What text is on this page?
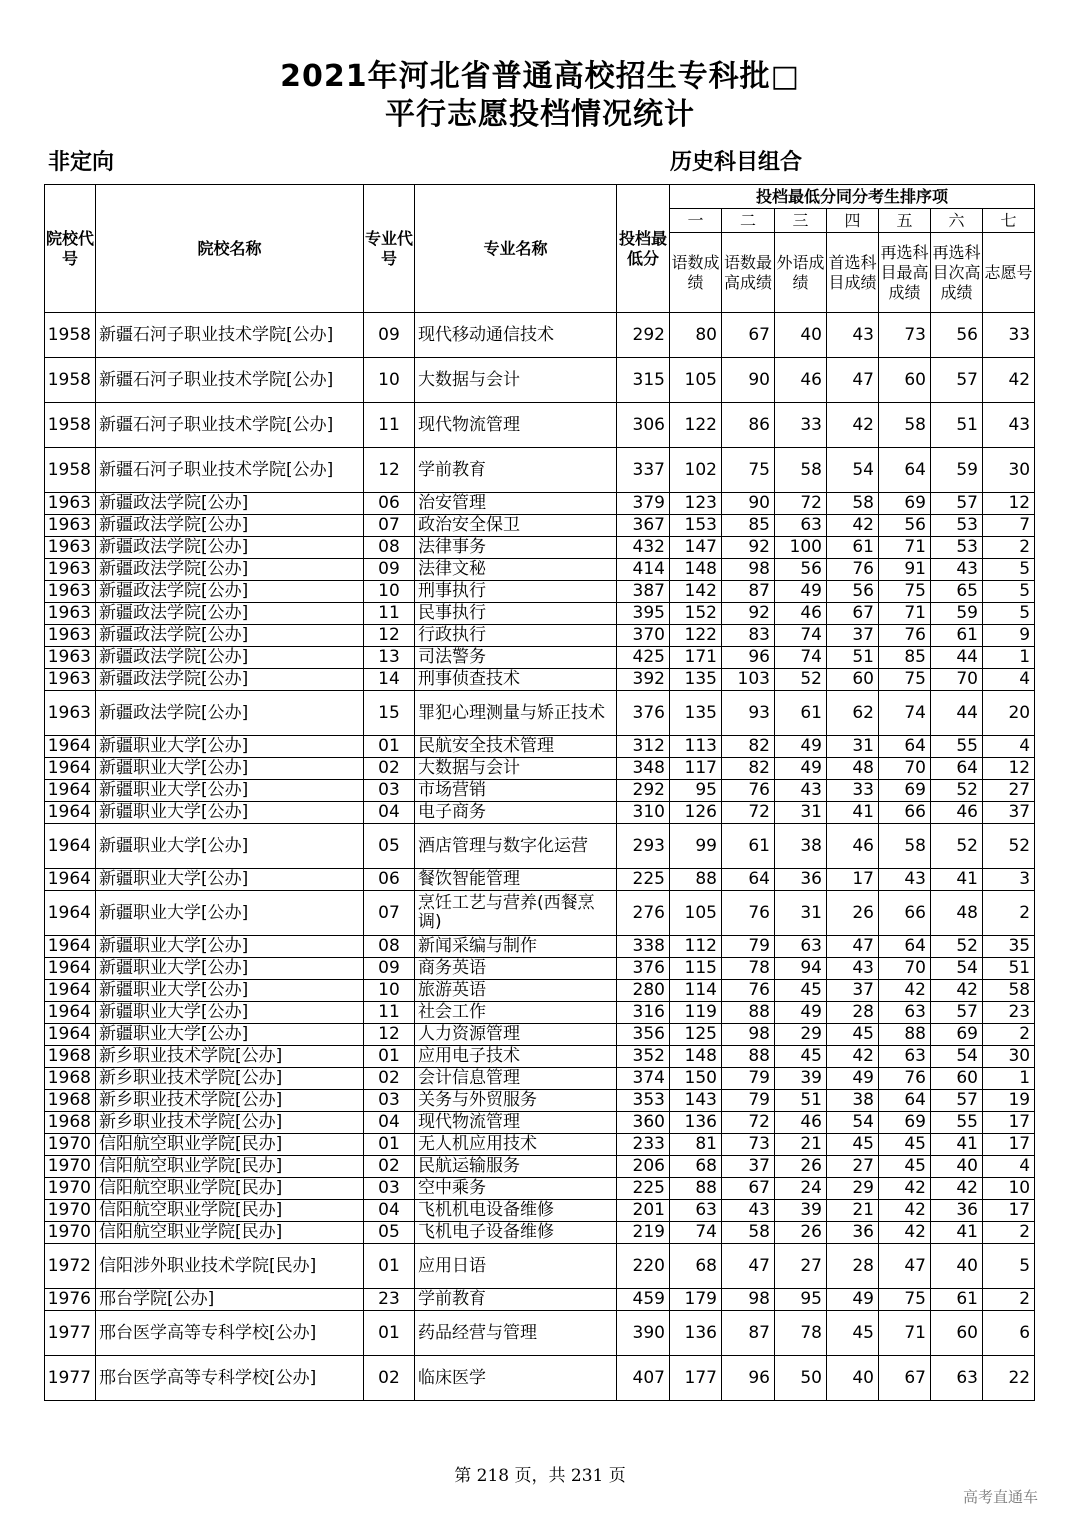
2021年河北省普通高校招生专科批□
平行志愿投档情况统计
非定向	历史科目组合
院校代号	院校名称	专业代号	专业名称	投档最低分	投档最低分同分考生排序项						
					一	二	三	四	五	六	七
					语数成绩	语数最高成绩	外语成绩	首选科目成绩	再选科目最高成绩	再选科目次高成绩	志愿号
1958	新疆石河子职业技术学院[公办]	09	现代移动通信技术	292	80	67	40	43	73	56	33
1958	新疆石河子职业技术学院[公办]	10	大数据与会计	315	105	90	46	47	60	57	42
1958	新疆石河子职业技术学院[公办]	11	现代物流管理	306	122	86	33	42	58	51	43
1958	新疆石河子职业技术学院[公办]	12	学前教育	337	102	75	58	54	64	59	30
1963	新疆政法学院[公办]	06	治安管理	379	123	90	72	58	69	57	12
1963	新疆政法学院[公办]	07	政治安全保卫	367	153	85	63	42	56	53	7
1963	新疆政法学院[公办]	08	法律事务	432	147	92	100	61	71	53	2
1963	新疆政法学院[公办]	09	法律文秘	414	148	98	56	76	91	43	5
1963	新疆政法学院[公办]	10	刑事执行	387	142	87	49	56	75	65	5
1963	新疆政法学院[公办]	11	民事执行	395	152	92	46	67	71	59	5
1963	新疆政法学院[公办]	12	行政执行	370	122	83	74	37	76	61	9
1963	新疆政法学院[公办]	13	司法警务	425	171	96	74	51	85	44	1
1963	新疆政法学院[公办]	14	刑事侦查技术	392	135	103	52	60	75	70	4
1963	新疆政法学院[公办]	15	罪犯心理测量与矫正技术	376	135	93	61	62	74	44	20
1964	新疆职业大学[公办]	01	民航安全技术管理	312	113	82	49	31	64	55	4
1964	新疆职业大学[公办]	02	大数据与会计	348	117	82	49	48	70	64	12
1964	新疆职业大学[公办]	03	市场营销	292	95	76	43	33	69	52	27
1964	新疆职业大学[公办]	04	电子商务	310	126	72	31	41	66	46	37
1964	新疆职业大学[公办]	05	酒店管理与数字化运营	293	99	61	38	46	58	52	52
1964	新疆职业大学[公办]	06	餐饮智能管理	225	88	64	36	17	43	41	3
1964	新疆职业大学[公办]	07	烹饪工艺与营养(西餐烹调)	276	105	76	31	26	66	48	2
1964	新疆职业大学[公办]	08	新闻采编与制作	338	112	79	63	47	64	52	35
1964	新疆职业大学[公办]	09	商务英语	376	115	78	94	43	70	54	51
1964	新疆职业大学[公办]	10	旅游英语	280	114	76	45	37	42	42	58
1964	新疆职业大学[公办]	11	社会工作	316	119	88	49	28	63	57	23
1964	新疆职业大学[公办]	12	人力资源管理	356	125	98	29	45	88	69	2
1968	新乡职业技术学院[公办]	01	应用电子技术	352	148	88	45	42	63	54	30
1968	新乡职业技术学院[公办]	02	会计信息管理	374	150	79	39	49	76	60	1
1968	新乡职业技术学院[公办]	03	关务与外贸服务	353	143	79	51	38	64	57	19
1968	新乡职业技术学院[公办]	04	现代物流管理	360	136	72	46	54	69	55	17
1970	信阳航空职业学院[民办]	01	无人机应用技术	233	81	73	21	45	45	41	17
1970	信阳航空职业学院[民办]	02	民航运输服务	206	68	37	26	27	45	40	4
1970	信阳航空职业学院[民办]	03	空中乘务	225	88	67	24	29	42	42	10
1970	信阳航空职业学院[民办]	04	飞机机电设备维修	201	63	43	39	21	42	36	17
1970	信阳航空职业学院[民办]	05	飞机电子设备维修	219	74	58	26	36	42	41	2
1972	信阳涉外职业技术学院[民办]	01	应用日语	220	68	47	27	28	47	40	5
1976	邢台学院[公办]	23	学前教育	459	179	98	95	49	75	61	2
1977	邢台医学高等专科学校[公办]	01	药品经营与管理	390	136	87	78	45	71	60	6
1977	邢台医学高等专科学校[公办]	02	临床医学	407	177	96	50	40	67	63	22
第 218 页，共 231 页
高考直通车
